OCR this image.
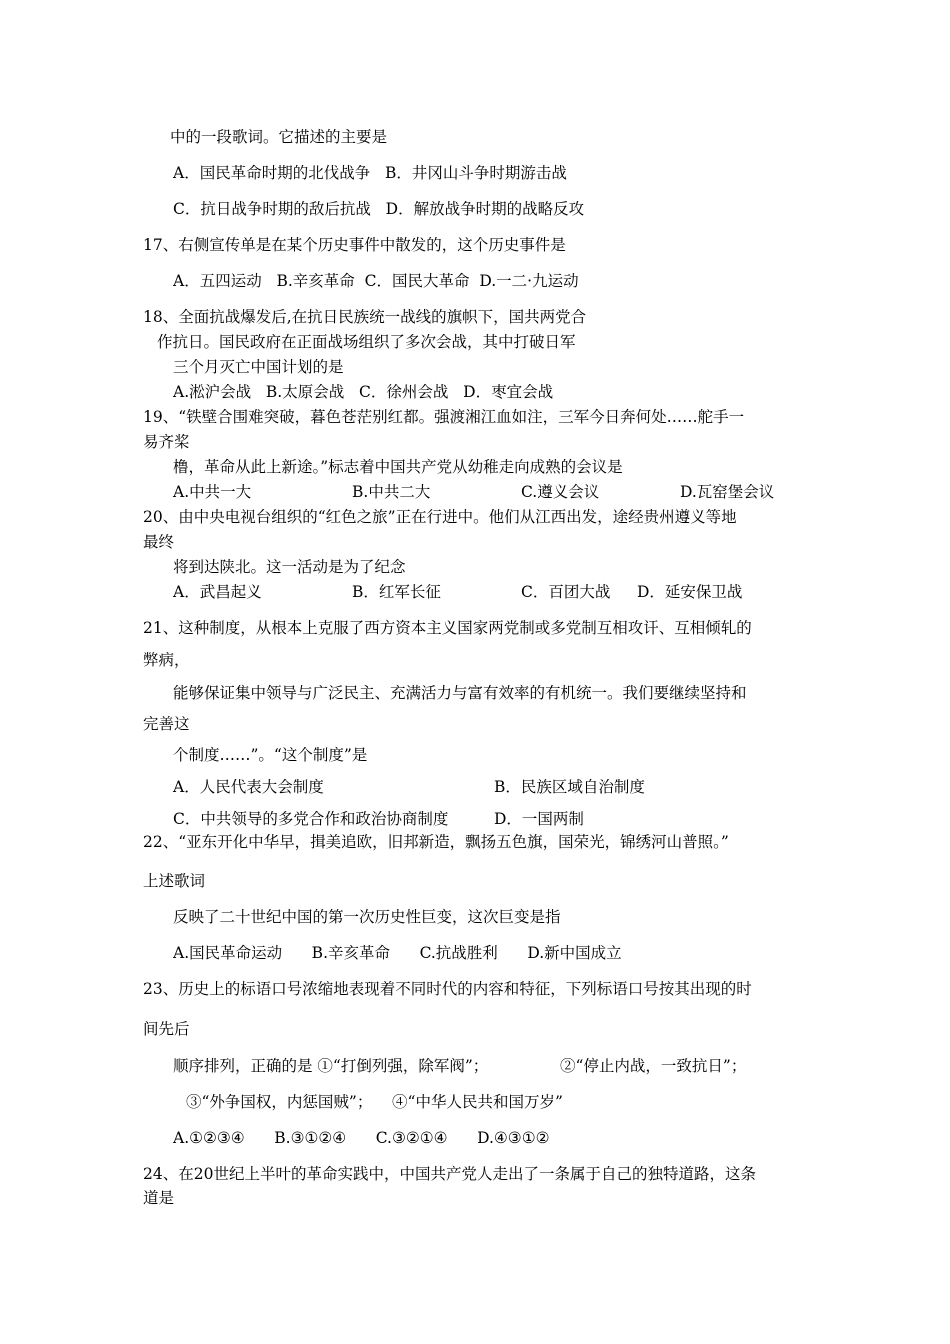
中的一段歌词。它描述的主要是
A．国民革命时期的北伐战争   B．井冈山斗争时期游击战
C．抗日战争时期的敌后抗战   D．解放战争时期的战略反攻
17、右侧宣传单是在某个历史事件中散发的，这个历史事件是
A．五四运动   B.辛亥革命  C．国民大革命  D.一二·九运动
18、全面抗战爆发后,在抗日民族统一战线的旗帜下，国共两党合
作抗日。国民政府在正面战场组织了多次会战，其中打破日军
三个月灭亡中国计划的是
A.淞沪会战   B.太原会战   C．徐州会战   D．枣宜会战
19、“铁壁合围难突破，暮色苍茫别红都。强渡湘江血如注，三军今日奔何处……舵手一
易齐桨
橹，革命从此上新途。”标志着中国共产党从幼稚走向成熟的会议是
A.中共一大	B.中共二大	C.遵义会议	D.瓦窑堡会议
20、由中央电视台组织的“红色之旅”正在行进中。他们从江西出发，途经贵州遵义等地
最终
将到达陕北。这一活动是为了纪念
A．武昌起义	B．红军长征	C．百团大战 D．延安保卫战
21、这种制度，从根本上克服了西方资本主义国家两党制或多党制互相攻讦、互相倾轧的
弊病，
能够保证集中领导与广泛民主、充满活力与富有效率的有机统一。我们要继续坚持和
完善这
个制度……”。“这个制度”是
A．人民代表大会制度	B．民族区域自治制度
C．中共领导的多党合作和政治协商制度	D．一国两制
22、“亚东开化中华早，揖美追欧，旧邦新造，飘扬五色旗，国荣光，锦绣河山普照。”
上述歌词
反映了二十世纪中国的第一次历史性巨变，这次巨变是指
A.国民革命运动      B.辛亥革命      C.抗战胜利      D.新中国成立
23、历史上的标语口号浓缩地表现着不同时代的内容和特征，下列标语口号按其出现的时
间先后
顺序排列，正确的是 ①“打倒列强，除军阀”；	②“停止内战，一致抗日”；
③“外争国权，内惩国贼”；    ④“中华人民共和国万岁”
A.①②③④      B.③①②④      C.③②①④      D.④③①②
24、在20世纪上半叶的革命实践中，中国共产党人走出了一条属于自己的独特道路，这条
道是
